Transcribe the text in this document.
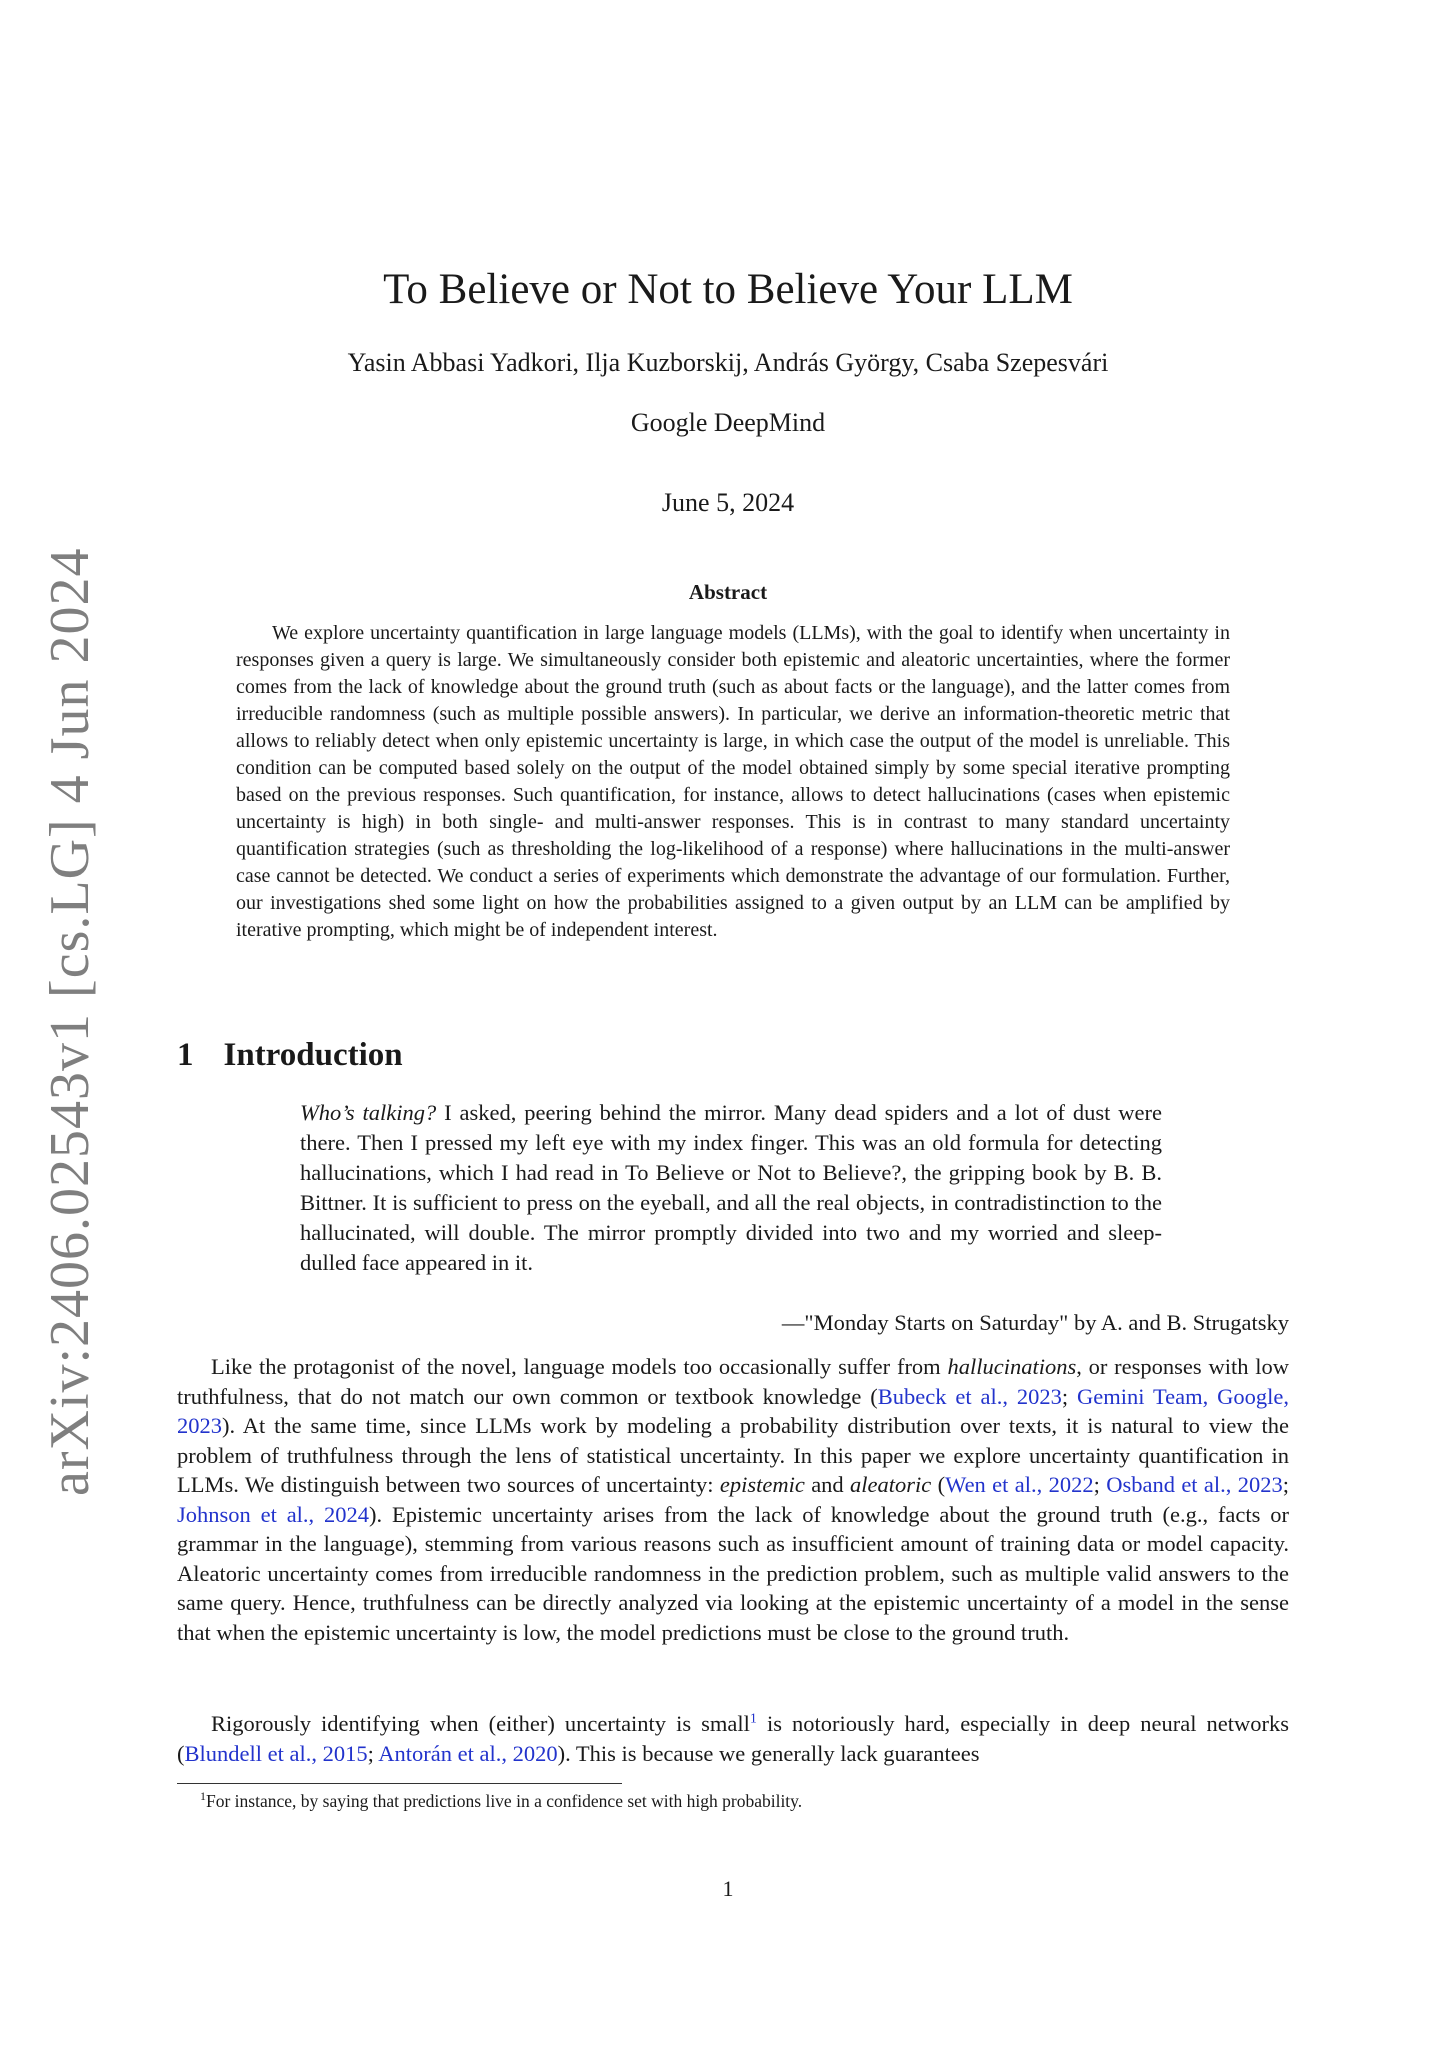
arXiv:2406.02543v1 [cs.LG] 4 Jun 2024
To Believe or Not to Believe Your LLM
Yasin Abbasi Yadkori, Ilja Kuzborskij, András György, Csaba Szepesvári
Google DeepMind
June 5, 2024
Abstract

We explore uncertainty quantification in large language models (LLMs), with the goal to identify when uncertainty in responses given a query is large. We simultaneously consider both epistemic and aleatoric uncertainties, where the former comes from the lack of knowledge about the ground truth (such as about facts or the language), and the latter comes from irreducible randomness (such as multiple possible answers). In particular, we derive an information-theoretic metric that allows to reliably detect when only epistemic uncertainty is large, in which case the output of the model is unreliable. This condition can be computed based solely on the output of the model obtained simply by some special iterative prompting based on the previous responses. Such quantification, for instance, allows to detect hallucinations (cases when epistemic uncertainty is high) in both single- and multi-answer responses. This is in contrast to many standard uncertainty quantification strategies (such as thresholding the log-likelihood of a response) where hallucinations in the multi-answer case cannot be detected. We conduct a series of experiments which demonstrate the advantage of our formulation. Further, our investigations shed some light on how the probabilities assigned to a given output by an LLM can be amplified by iterative prompting, which might be of independent interest.

1 Introduction

Who’s talking? I asked, peering behind the mirror. Many dead spiders and a lot of dust were there. Then I pressed my left eye with my index finger. This was an old formula for detecting hallucinations, which I had read in To Believe or Not to Believe?, the gripping book by B. B. Bittner. It is sufficient to press on the eyeball, and all the real objects, in contradistinction to the hallucinated, will double. The mirror promptly divided into two and my worried and sleep-dulled face appeared in it.

—"Monday Starts on Saturday" by A. and B. Strugatsky

Like the protagonist of the novel, language models too occasionally suffer from hallucinations, or responses with low truthfulness, that do not match our own common or textbook knowledge (Bubeck et al., 2023; Gemini Team, Google, 2023). At the same time, since LLMs work by modeling a probability distribution over texts, it is natural to view the problem of truthfulness through the lens of statistical uncertainty. In this paper we explore uncertainty quantification in LLMs. We distinguish between two sources of uncertainty: epistemic and aleatoric (Wen et al., 2022; Osband et al., 2023; Johnson et al., 2024). Epistemic uncertainty arises from the lack of knowledge about the ground truth (e.g., facts or grammar in the language), stemming from various reasons such as insufficient amount of training data or model capacity. Aleatoric uncertainty comes from irreducible randomness in the prediction problem, such as multiple valid answers to the same query. Hence, truthfulness can be directly analyzed via looking at the epistemic uncertainty of a model in the sense that when the epistemic uncertainty is low, the model predictions must be close to the ground truth.

Rigorously identifying when (either) uncertainty is small$^1$ is notoriously hard, especially in deep neural networks (Blundell et al., 2015; Antorán et al., 2020). This is because we generally lack guarantees

$^1$For instance, by saying that predictions live in a confidence set with high probability.
1
